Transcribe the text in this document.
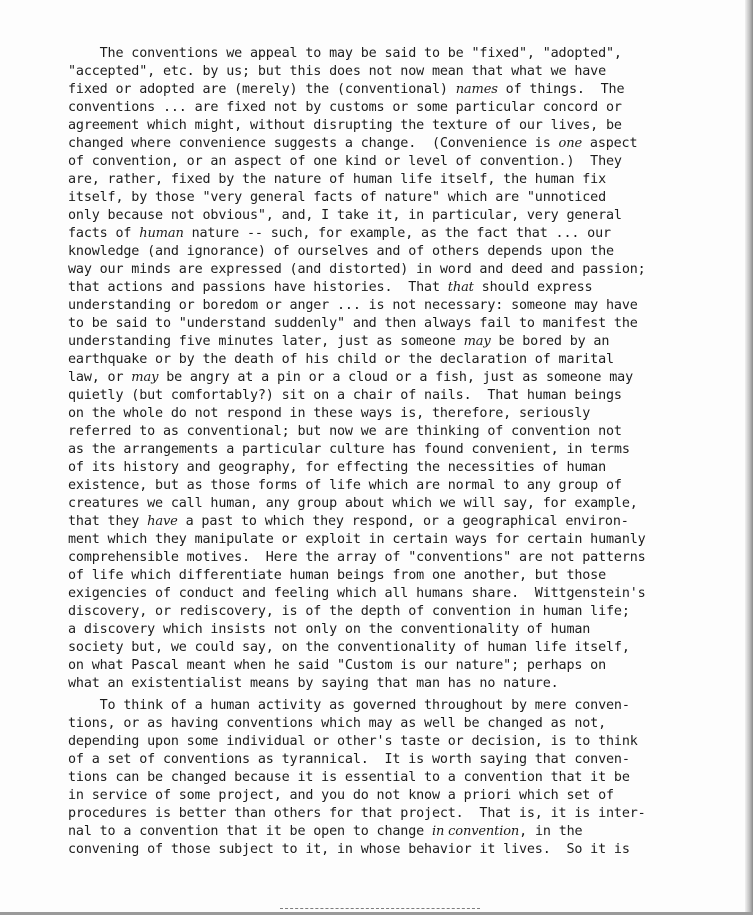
The conventions we appeal to may be said to be "fixed", "adopted",
"accepted", etc. by us; but this does not now mean that what we have
fixed or adopted are (merely) the (conventional) names of things.  The
conventions ... are fixed not by customs or some particular concord or
agreement which might, without disrupting the texture of our lives, be
changed where convenience suggests a change.  (Convenience is one aspect
of convention, or an aspect of one kind or level of convention.)  They
are, rather, fixed by the nature of human life itself, the human fix
itself, by those "very general facts of nature" which are "unnoticed
only because not obvious", and, I take it, in particular, very general
facts of human nature -- such, for example, as the fact that ... our
knowledge (and ignorance) of ourselves and of others depends upon the
way our minds are expressed (and distorted) in word and deed and passion;
that actions and passions have histories.  That that should express
understanding or boredom or anger ... is not necessary: someone may have
to be said to "understand suddenly" and then always fail to manifest the
understanding five minutes later, just as someone may be bored by an
earthquake or by the death of his child or the declaration of marital
law, or may be angry at a pin or a cloud or a fish, just as someone may
quietly (but comfortably?) sit on a chair of nails.  That human beings
on the whole do not respond in these ways is, therefore, seriously
referred to as conventional; but now we are thinking of convention not
as the arrangements a particular culture has found convenient, in terms
of its history and geography, for effecting the necessities of human
existence, but as those forms of life which are normal to any group of
creatures we call human, any group about which we will say, for example,
that they have a past to which they respond, or a geographical environ-
ment which they manipulate or exploit in certain ways for certain humanly
comprehensible motives.  Here the array of "conventions" are not patterns
of life which differentiate human beings from one another, but those
exigencies of conduct and feeling which all humans share.  Wittgenstein's
discovery, or rediscovery, is of the depth of convention in human life;
a discovery which insists not only on the conventionality of human
society but, we could say, on the conventionality of human life itself,
on what Pascal meant when he said "Custom is our nature"; perhaps on
what an existentialist means by saying that man has no nature.
To think of a human activity as governed throughout by mere conven-
tions, or as having conventions which may as well be changed as not,
depending upon some individual or other's taste or decision, is to think
of a set of conventions as tyrannical.  It is worth saying that conven-
tions can be changed because it is essential to a convention that it be
in service of some project, and you do not know a priori which set of
procedures is better than others for that project.  That is, it is inter-
nal to a convention that it be open to change in convention, in the
convening of those subject to it, in whose behavior it lives.  So it is
